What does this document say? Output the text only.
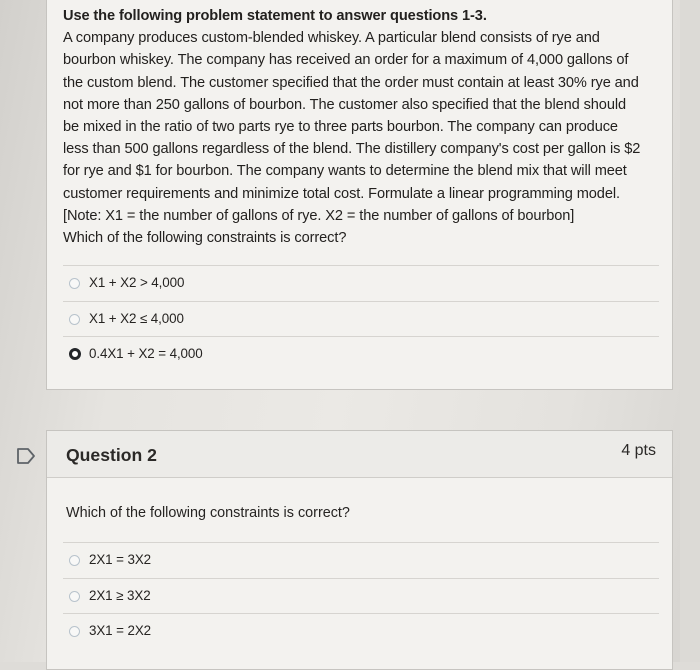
Use the following problem statement to answer questions 1-3.
A company produces custom-blended whiskey. A particular blend consists of rye and
bourbon whiskey. The company has received an order for a maximum of 4,000 gallons of
the custom blend. The customer specified that the order must contain at least 30% rye and
not more than 250 gallons of bourbon. The customer also specified that the blend should
be mixed in the ratio of two parts rye to three parts bourbon. The company can produce
less than 500 gallons regardless of the blend. The distillery company's cost per gallon is $2
for rye and $1 for bourbon. The company wants to determine the blend mix that will meet
customer requirements and minimize total cost. Formulate a linear programming model.
[Note: X1 = the number of gallons of rye. X2 = the number of gallons of bourbon]
Which of the following constraints is correct?
X1 + X2 > 4,000
X1 + X2 ≤ 4,000
0.4X1 + X2 = 4,000
Question 2	4 pts
Which of the following constraints is correct?
2X1 = 3X2
2X1 ≥ 3X2
3X1 = 2X2
